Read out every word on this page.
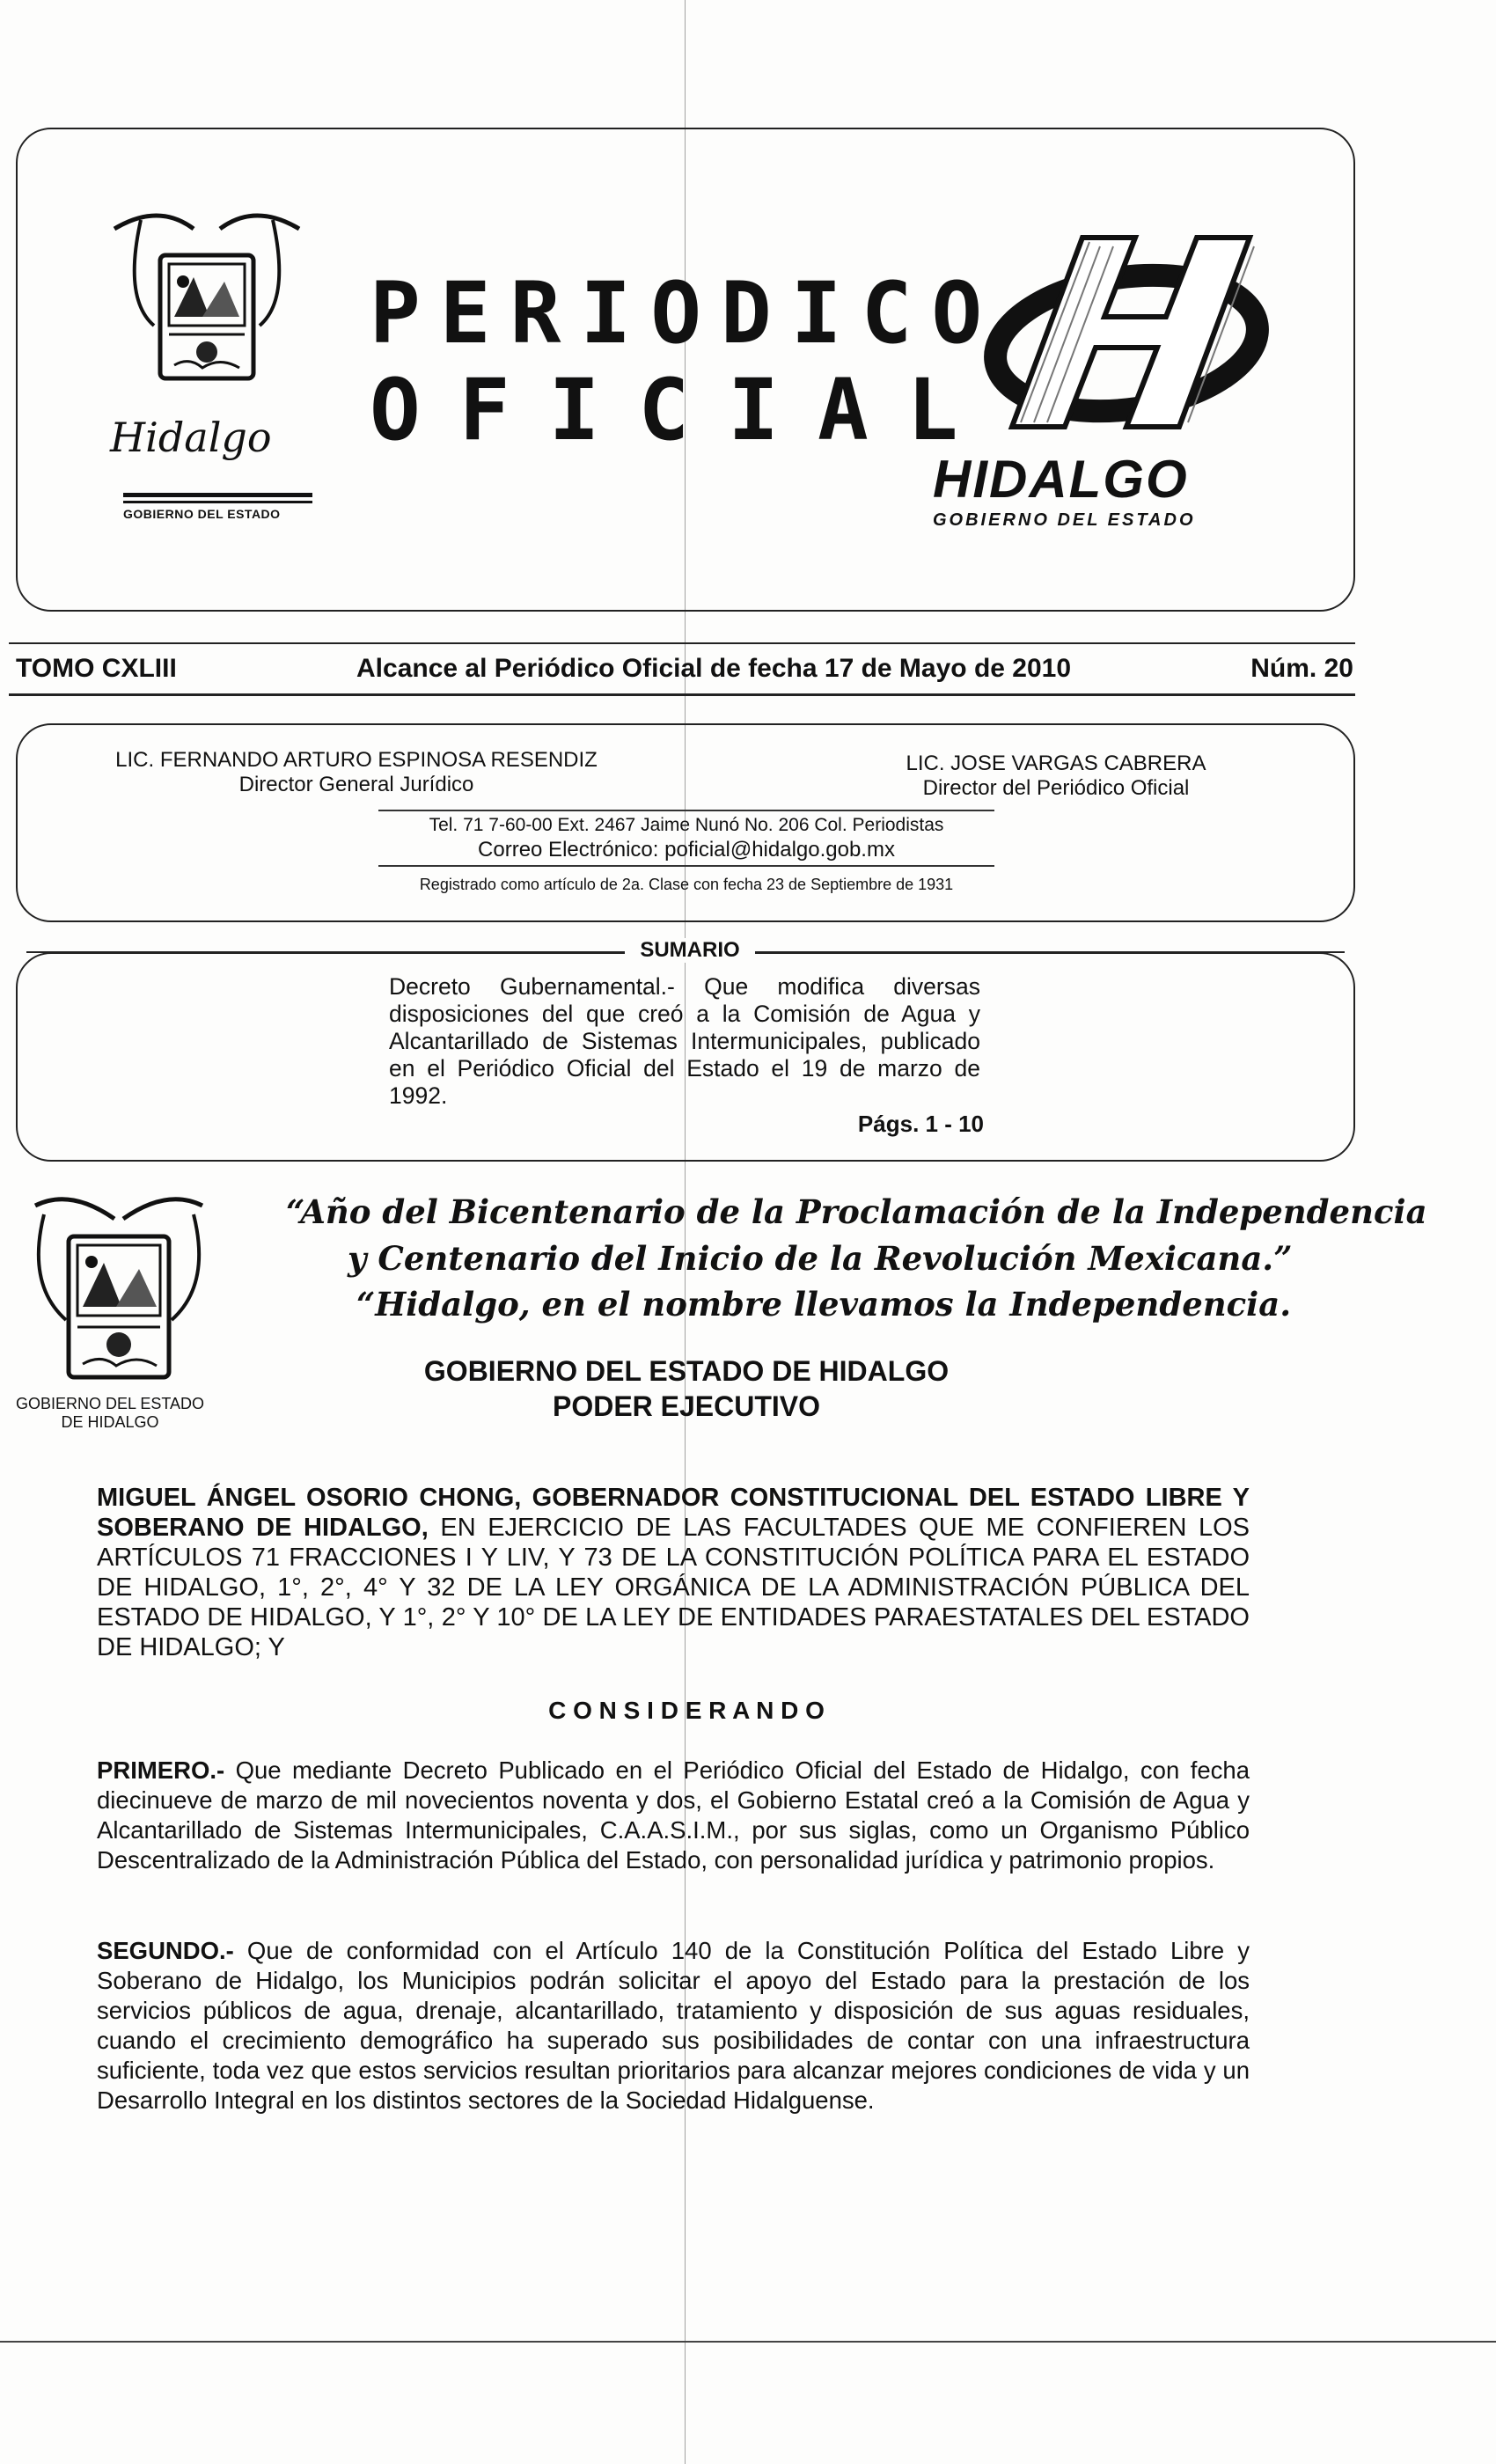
Hidalgo
GOBIERNO DEL ESTADO
PERIODICO
OFICIAL
HIDALGO
GOBIERNO DEL ESTADO
TOMO CXLIII	Alcance al Periódico Oficial de fecha 17 de Mayo de 2010	Núm. 20
LIC. FERNANDO ARTURO ESPINOSA RESENDIZ
Director General Jurídico
LIC. JOSE VARGAS CABRERA
Director del Periódico Oficial
Tel. 71 7-60-00 Ext. 2467 Jaime Nunó No. 206 Col. Periodistas
Correo Electrónico: poficial@hidalgo.gob.mx
Registrado como artículo de 2a. Clase con fecha 23 de Septiembre de 1931
SUMARIO
Decreto Gubernamental.- Que modifica diversas disposiciones del que creó a la Comisión de Agua y Alcantarillado de Sistemas Intermunicipales, publicado en el Periódico Oficial del Estado el 19 de marzo de 1992.
Págs. 1 - 10
GOBIERNO DEL ESTADO
DE HIDALGO
“Año del Bicentenario de la Proclamación de la Independencia
y Centenario del Inicio de la Revolución Mexicana.”
“Hidalgo, en el nombre llevamos la Independencia.
GOBIERNO DEL ESTADO DE HIDALGO
PODER EJECUTIVO
MIGUEL ÁNGEL OSORIO CHONG, GOBERNADOR CONSTITUCIONAL DEL ESTADO LIBRE Y SOBERANO DE HIDALGO, EN EJERCICIO DE LAS FACULTADES QUE ME CONFIEREN LOS ARTÍCULOS 71 FRACCIONES I Y LIV, Y 73 DE LA CONSTITUCIÓN POLÍTICA PARA EL ESTADO DE HIDALGO, 1°, 2°, 4° Y 32 DE LA LEY ORGÁNICA DE LA ADMINISTRACIÓN PÚBLICA DEL ESTADO DE HIDALGO, Y 1°, 2° Y 10° DE LA LEY DE ENTIDADES PARAESTATALES DEL ESTADO DE HIDALGO; Y
C O N S I D E R A N D O
PRIMERO.- Que mediante Decreto Publicado en el Periódico Oficial del Estado de Hidalgo, con fecha diecinueve de marzo de mil novecientos noventa y dos, el Gobierno Estatal creó a la Comisión de Agua y Alcantarillado de Sistemas Intermunicipales, C.A.A.S.I.M., por sus siglas, como un Organismo Público Descentralizado de la Administración Pública del Estado, con personalidad jurídica y patrimonio propios.
SEGUNDO.- Que de conformidad con el Artículo 140 de la Constitución Política del Estado Libre y Soberano de Hidalgo, los Municipios podrán solicitar el apoyo del Estado para la prestación de los servicios públicos de agua, drenaje, alcantarillado, tratamiento y disposición de sus aguas residuales, cuando el crecimiento demográfico ha superado sus posibilidades de contar con una infraestructura suficiente, toda vez que estos servicios resultan prioritarios para alcanzar mejores condiciones de vida y un Desarrollo Integral en los distintos sectores de la Sociedad Hidalguense.
